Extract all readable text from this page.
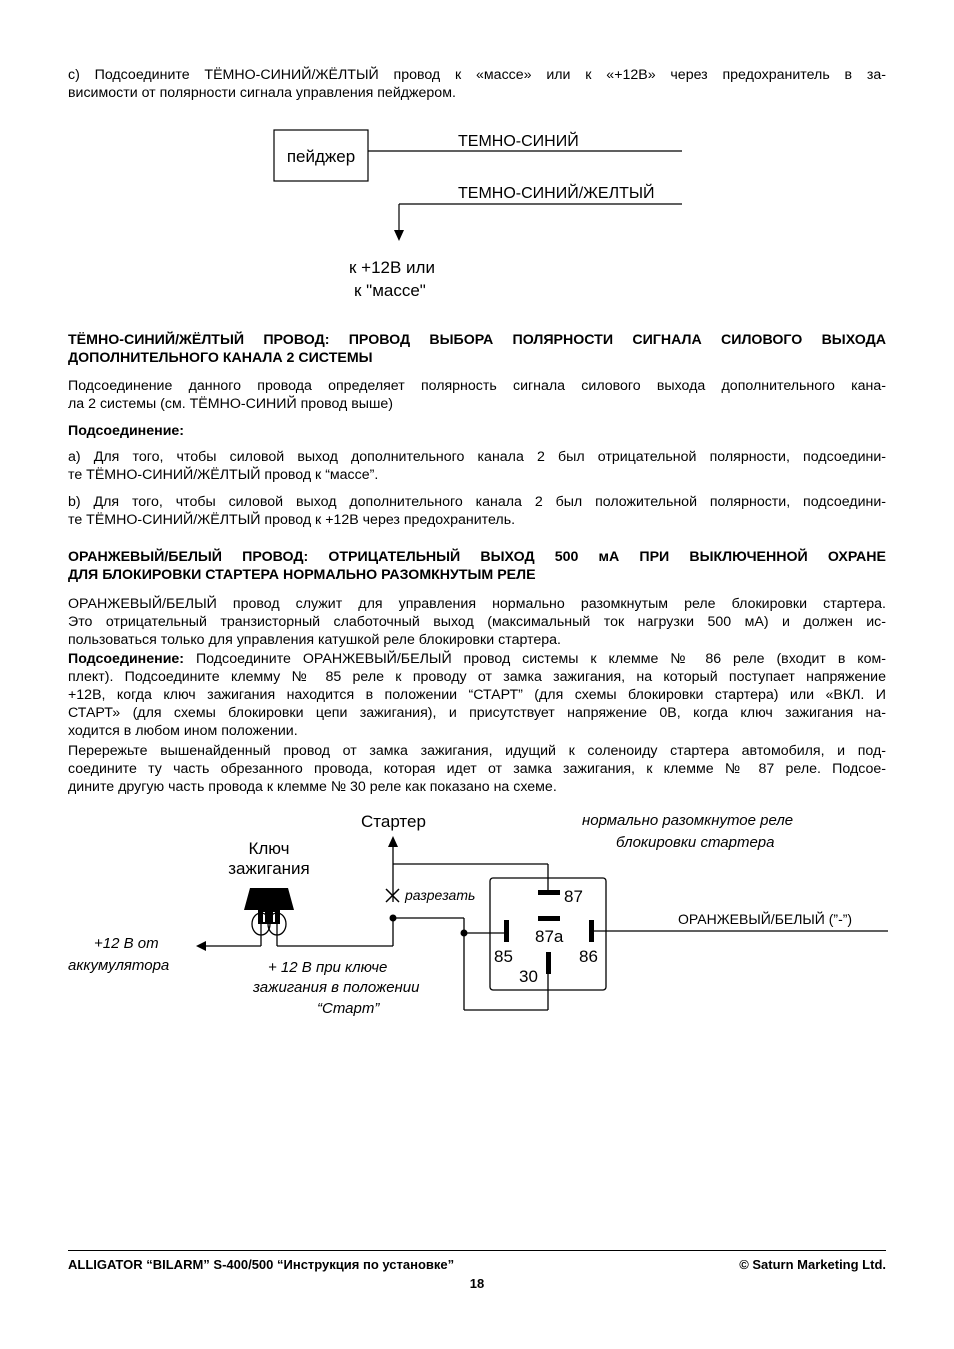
c) Подсоедините ТЁМНО-СИНИЙ/ЖЁЛТЫЙ провод к «массе» или к «+12В» через предохранитель в за-
висимости от полярности сигнала управления пейджером.
пейджер
ТЕМНО-СИНИЙ
ТЕМНО-СИНИЙ/ЖЕЛТЫЙ
к +12В или
к "массе"
ТЁМНО-СИНИЙ/ЖЁЛТЫЙ ПРОВОД: ПРОВОД ВЫБОРА ПОЛЯРНОСТИ СИГНАЛА СИЛОВОГО ВЫХОДА
ДОПОЛНИТЕЛЬНОГО КАНАЛА 2 СИСТЕМЫ
Подсоединение данного провода определяет полярность сигнала силового выхода дополнительного кана-
ла 2 системы (см. ТЁМНО-СИНИЙ провод выше)
Подсоединение:
а) Для того, чтобы силовой выход дополнительного канала 2 был отрицательной полярности, подсоедини-
те ТЁМНО-СИНИЙ/ЖЁЛТЫЙ провод к “массе”.
b) Для того, чтобы силовой выход дополнительного канала 2 был положительной полярности, подсоедини-
те ТЁМНО-СИНИЙ/ЖЁЛТЫЙ провод к +12В через предохранитель.
ОРАНЖЕВЫЙ/БЕЛЫЙ ПРОВОД: ОТРИЦАТЕЛЬНЫЙ ВЫХОД 500 мА ПРИ ВЫКЛЮЧЕННОЙ ОХРАНЕ
ДЛЯ БЛОКИРОВКИ СТАРТЕРА НОРМАЛЬНО РАЗОМКНУТЫМ РЕЛЕ
ОРАНЖЕВЫЙ/БЕЛЫЙ провод служит для управления нормально разомкнутым реле блокировки стартера.
Это отрицательный транзисторный слаботочный выход (максимальный ток нагрузки 500 мА) и должен ис-
пользоваться только для управления катушкой реле блокировки стартера.
Подсоединение: Подсоедините ОРАНЖЕВЫЙ/БЕЛЫЙ провод системы к клемме № 86 реле (входит в ком-
плект). Подсоедините клемму № 85 реле к проводу от замка зажигания, на который поступает напряжение
+12В, когда ключ зажигания находится в положении “СТАРТ” (для схемы блокировки стартера) или «ВКЛ. И
СТАРТ» (для схемы блокировки цепи зажигания), и присутствует напряжение 0В, когда ключ зажигания на-
ходится в любом ином положении.
Перережьте вышенайденный провод от замка зажигания, идущий к соленоиду стартера автомобиля, и под-
соедините ту часть обрезанного провода, которая идет от замка зажигания, к клемме № 87 реле. Подсое-
дините другую часть провода к клемме № 30 реле как показано на схеме.
Стартер	нормально разомкнутое реле
блокировки стартера
Ключ
зажигания
+12 В от
аккумулятора
разрезать	87
87а
85	86
30
ОРАНЖЕВЫЙ/БЕЛЫЙ (”-”)
+ 12 В при ключе
зажигания в положении
“Старт”
ALLIGATOR “BILARM” S-400/500 “Инструкция по установке”	© Saturn Marketing Ltd.
18
